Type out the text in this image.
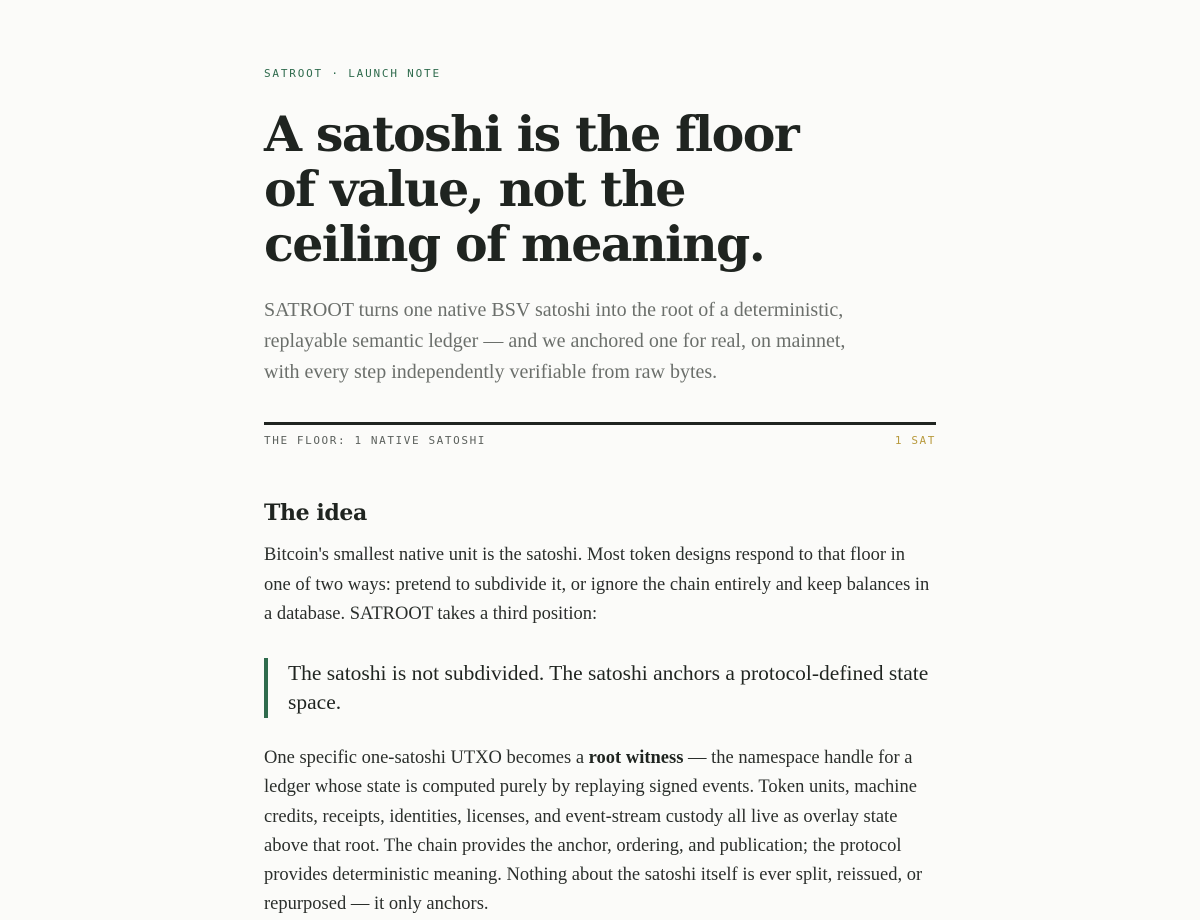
SATROOT · LAUNCH NOTE
A satoshi is the floor of value, not the ceiling of meaning.

SATROOT turns one native BSV satoshi into the root of a deterministic, replayable semantic ledger — and we anchored one for real, on mainnet, with every step independently verifiable from raw bytes.

THE FLOOR: 1 NATIVE SATOSHI	1 SAT
The idea

Bitcoin's smallest native unit is the satoshi. Most token designs respond to that floor in one of two ways: pretend to subdivide it, or ignore the chain entirely and keep balances in a database. SATROOT takes a third position:

The satoshi is not subdivided. The satoshi anchors a protocol-defined state space.

One specific one-satoshi UTXO becomes a root witness — the namespace handle for a ledger whose state is computed purely by replaying signed events. Token units, machine credits, receipts, identities, licenses, and event-stream custody all live as overlay state above that root. The chain provides the anchor, ordering, and publication; the protocol provides deterministic meaning. Nothing about the satoshi itself is ever split, reissued, or repurposed — it only anchors.
